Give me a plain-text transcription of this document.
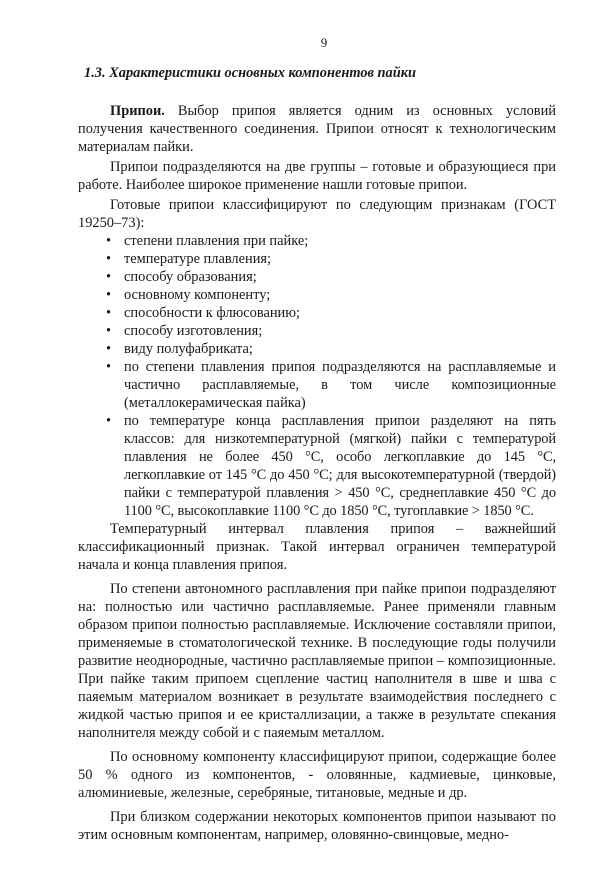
9
1.3. Характеристики основных компонентов пайки

Припои. Выбор припоя является одним из основных условий получения качественного соединения. Припои относят к технологическим материалам пайки.

Припои подразделяются на две группы – готовые и образующиеся при работе. Наиболее широкое применение нашли готовые припои.

Готовые припои классифицируют по следующим признакам (ГОСТ 19250–73):

• степени плавления при пайке;
• температуре плавления;
• способу образования;
• основному компоненту;
• способности к флюсованию;
• способу изготовления;
• виду полуфабриката;
• по степени плавления припоя подразделяются на расплавляемые и частично расплавляемые, в том числе композиционные (металлокерамическая пайка)
• по температуре конца расплавления припои разделяют на пять классов: для низкотемпературной (мягкой) пайки с температурой плавления не более 450 °С, особо легкоплавкие до 145 °С, легкоплавкие от 145 °С до 450 °С; для высокотемпературной (твердой) пайки с температурой плавления > 450 °С, среднеплавкие 450 °С до 1100 °С, высокоплавкие 1100 °С до 1850 °С, тугоплавкие > 1850 °С.

Температурный интервал плавления припоя – важнейший классификационный признак. Такой интервал ограничен температурой начала и конца плавления припоя.

По степени автономного расплавления при пайке припои подразделяют на: полностью или частично расплавляемые. Ранее применяли главным образом припои полностью расплавляемые. Исключение составляли припои, применяемые в стоматологической технике. В последующие годы получили развитие неоднородные, частично расплавляемые припои – композиционные. При пайке таким припоем сцепление частиц наполнителя в шве и шва с паяемым материалом возникает в результате взаимодействия последнего с жидкой частью припоя и ее кристаллизации, а также в результате спекания наполнителя между собой и с паяемым металлом.

По основному компоненту классифицируют припои, содержащие более 50 % одного из компонентов, - оловянные, кадмиевые, цинковые, алюминиевые, железные, серебряные, титановые, медные и др.

При близком содержании некоторых компонентов припои называют по этим основным компонентам, например, оловянно-свинцовые, медно-
